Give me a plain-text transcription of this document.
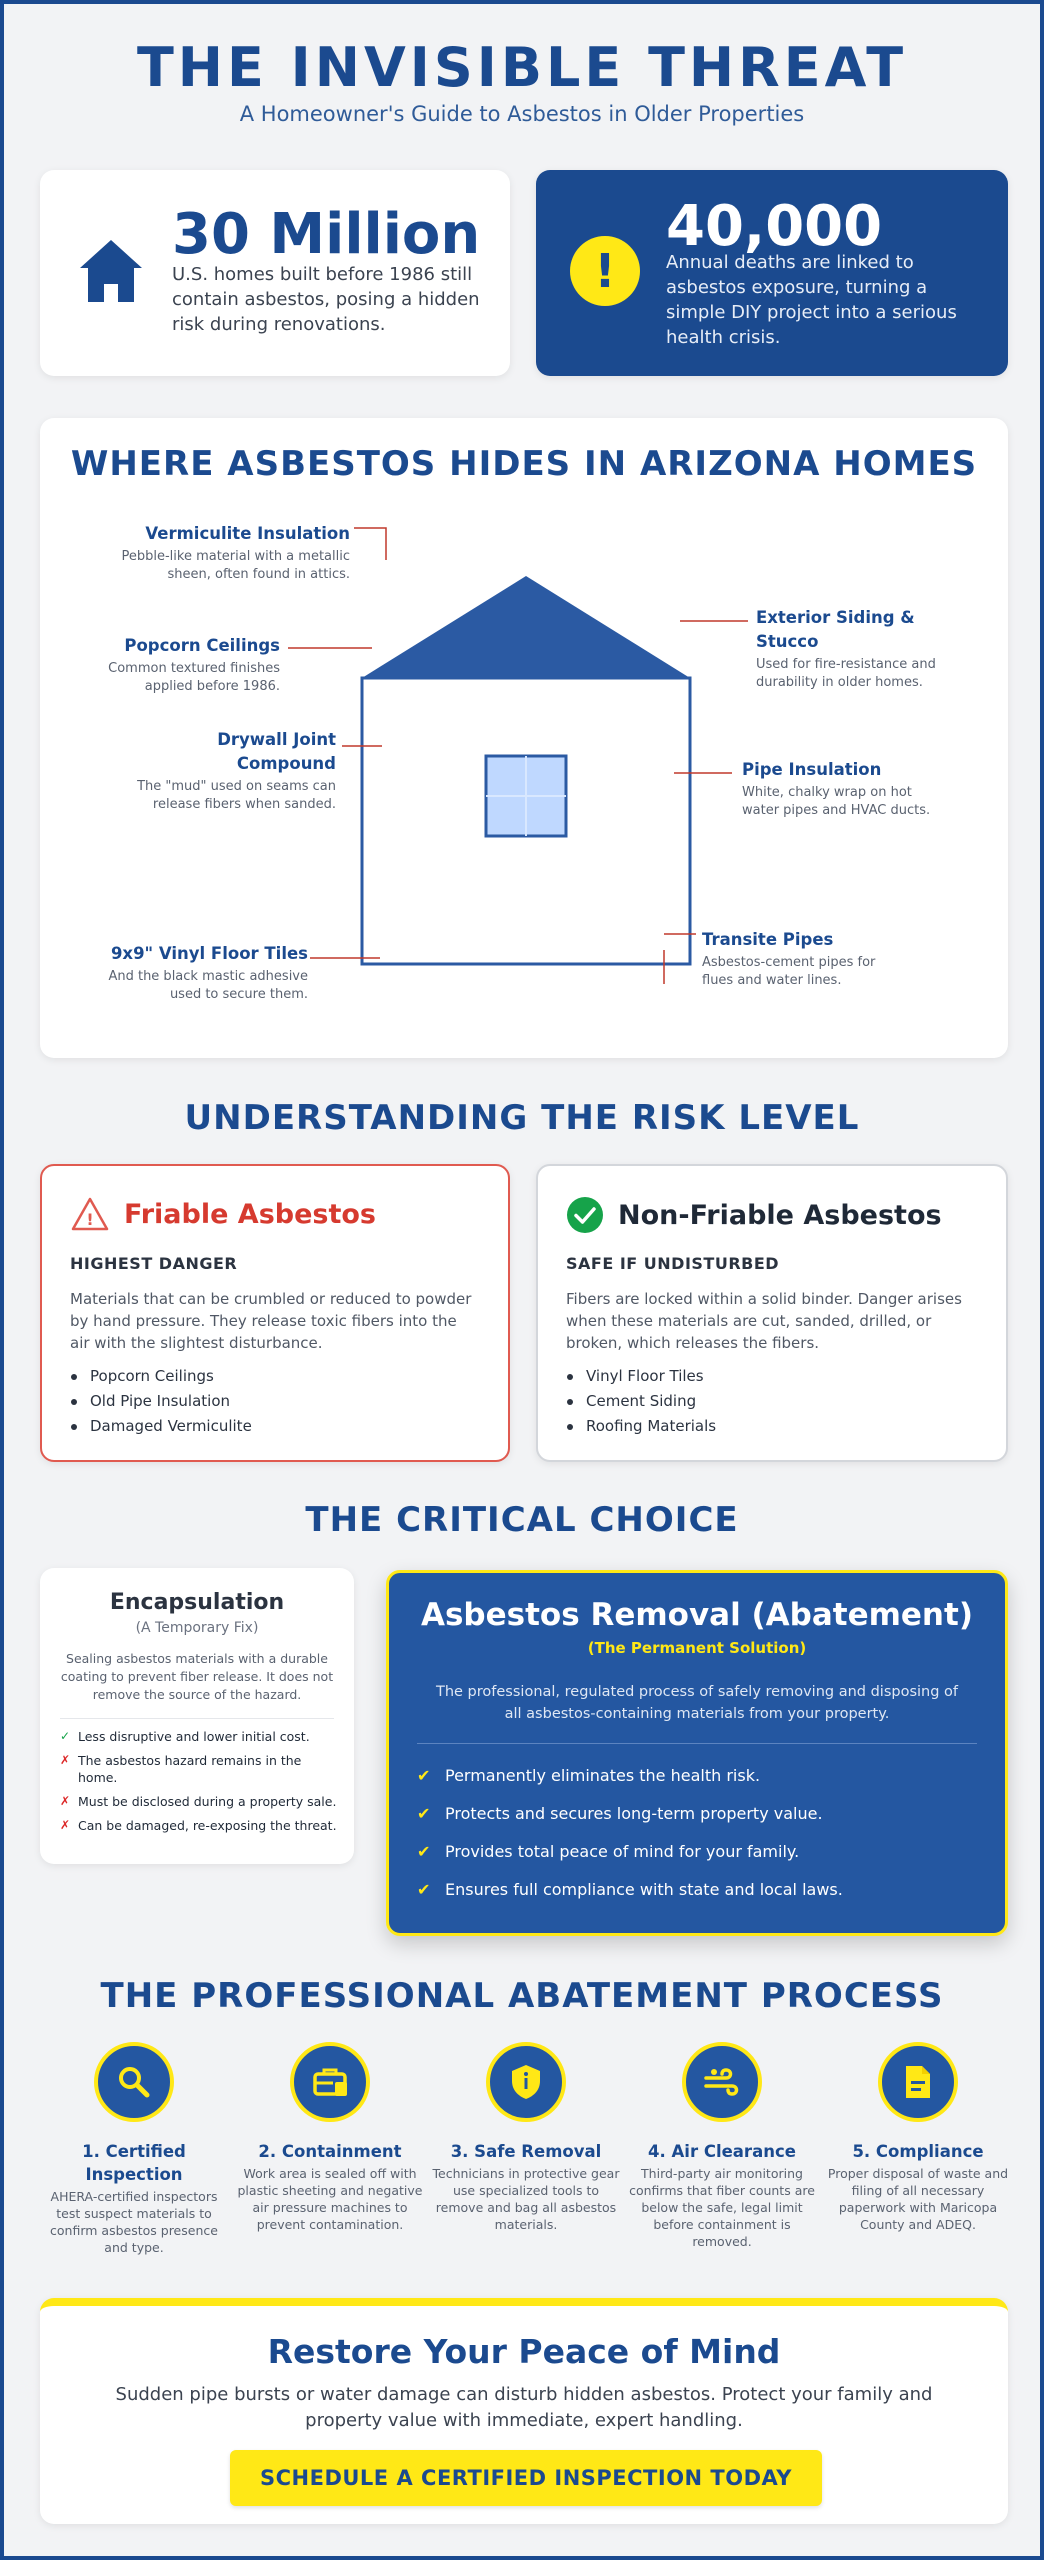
THE INVISIBLE THREAT
A Homeowner's Guide to Asbestos in Older Properties
30 Million
U.S. homes built before 1986 still contain asbestos, posing a hidden risk during renovations.
!
40,000
Annual deaths are linked to asbestos exposure, turning a simple DIY project into a serious health crisis.
WHERE ASBESTOS HIDES IN ARIZONA HOMES
Vermiculite Insulation
Pebble-like material with a metallic sheen, often found in attics.
Popcorn Ceilings
Common textured finishes applied before 1986.
Drywall Joint Compound
The "mud" used on seams can release fibers when sanded.
9x9" Vinyl Floor Tiles
And the black mastic adhesive used to secure them.
Exterior Siding & Stucco
Used for fire-resistance and durability in older homes.
Pipe Insulation
White, chalky wrap on hot water pipes and HVAC ducts.
Transite Pipes
Asbestos-cement pipes for flues and water lines.
UNDERSTANDING THE RISK LEVEL
! Friable Asbestos
HIGHEST DANGER
Materials that can be crumbled or reduced to powder by hand pressure. They release toxic fibers into the air with the slightest disturbance.
Popcorn Ceilings
Old Pipe Insulation
Damaged Vermiculite
Non-Friable Asbestos
SAFE IF UNDISTURBED
Fibers are locked within a solid binder. Danger arises when these materials are cut, sanded, drilled, or broken, which releases the fibers.
Vinyl Floor Tiles
Cement Siding
Roofing Materials
THE CRITICAL CHOICE
Encapsulation
(A Temporary Fix)
Sealing asbestos materials with a durable coating to prevent fiber release. It does not remove the source of the hazard.
✓ Less disruptive and lower initial cost.
✗ The asbestos hazard remains in the home.
✗ Must be disclosed during a property sale.
✗ Can be damaged, re-exposing the threat.
Asbestos Removal (Abatement)
(The Permanent Solution)
The professional, regulated process of safely removing and disposing of all asbestos-containing materials from your property.
✔ Permanently eliminates the health risk.
✔ Protects and secures long-term property value.
✔ Provides total peace of mind for your family.
✔ Ensures full compliance with state and local laws.
THE PROFESSIONAL ABATEMENT PROCESS
1. Certified Inspection
AHERA-certified inspectors test suspect materials to confirm asbestos presence and type.
2. Containment
Work area is sealed off with plastic sheeting and negative air pressure machines to prevent contamination.
3. Safe Removal
Technicians in protective gear use specialized tools to remove and bag all asbestos materials.
4. Air Clearance
Third-party air monitoring confirms that fiber counts are below the safe, legal limit before containment is removed.
5. Compliance
Proper disposal of waste and filing of all necessary paperwork with Maricopa County and ADEQ.
Restore Your Peace of Mind
Sudden pipe bursts or water damage can disturb hidden asbestos. Protect your family and property value with immediate, expert handling.
SCHEDULE A CERTIFIED INSPECTION TODAY
